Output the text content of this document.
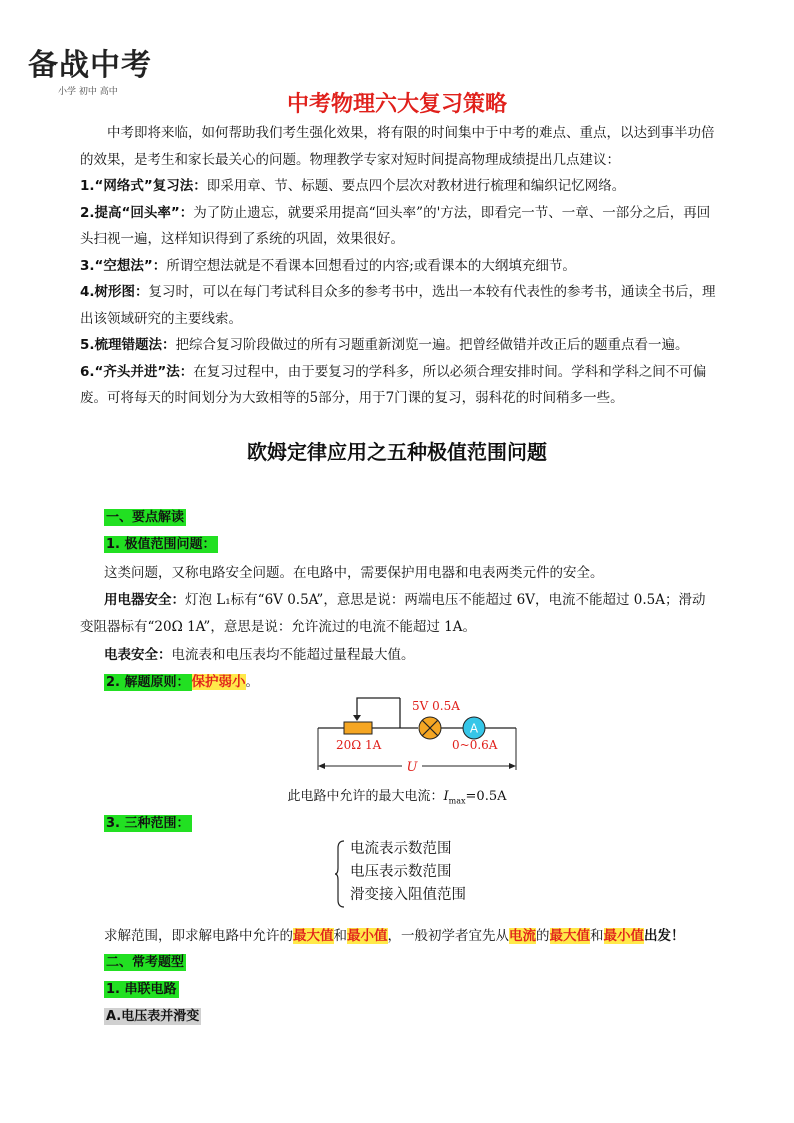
备战中考
小学 初中 高中	中考物理六大复习策略

中考即将来临，如何帮助我们考生强化效果，将有限的时间集中于中考的难点、重点，以达到事半功倍的效果，是考生和家长最关心的问题。物理教学专家对短时间提高物理成绩提出几点建议：

1.“网络式”复习法：即采用章、节、标题、要点四个层次对教材进行梳理和编织记忆网络。

2.提高“回头率”：为了防止遗忘，就要采用提高“回头率”的'方法，即看完一节、一章、一部分之后，再回头扫视一遍，这样知识得到了系统的巩固，效果很好。

3.“空想法”：所谓空想法就是不看课本回想看过的内容;或看课本的大纲填充细节。

4.树形图：复习时，可以在每门考试科目众多的参考书中，选出一本较有代表性的参考书，通读全书后，理出该领域研究的主要线索。

5.梳理错题法：把综合复习阶段做过的所有习题重新浏览一遍。把曾经做错并改正后的题重点看一遍。

6.“齐头并进”法：在复习过程中，由于要复习的学科多，所以必须合理安排时间。学科和学科之间不可偏废。可将每天的时间划分为大致相等的5部分，用于7门课的复习，弱科花的时间稍多一些。

欧姆定律应用之五种极值范围问题
一、要点解读
1. 极值范围问题：
这类问题，又称电路安全问题。在电路中，需要保护用电器和电表两类元件的安全。
用电器安全：灯泡 L₁标有“6V 0.5A”，意思是说：两端电压不能超过 6V，电流不能超过 0.5A；滑动
变阻器标有“20Ω 1A”，意思是说：允许流过的电流不能超过 1A。
电表安全：电流表和电压表均不能超过量程最大值。
2. 解题原则： 保护弱小。
A
U
20Ω 1A
5V 0.5A
0~0.6A
此电路中允许的最大电流：$I_{max}=0.5A$
3. 三种范围：
电流表示数范围
电压表示数范围
滑变接入阻值范围
求解范围，即求解电路中允许的最大值和最小值，一般初学者宜先从电流的最大值和最小值出发！
二、常考题型
1. 串联电路
A.电压表并滑变
